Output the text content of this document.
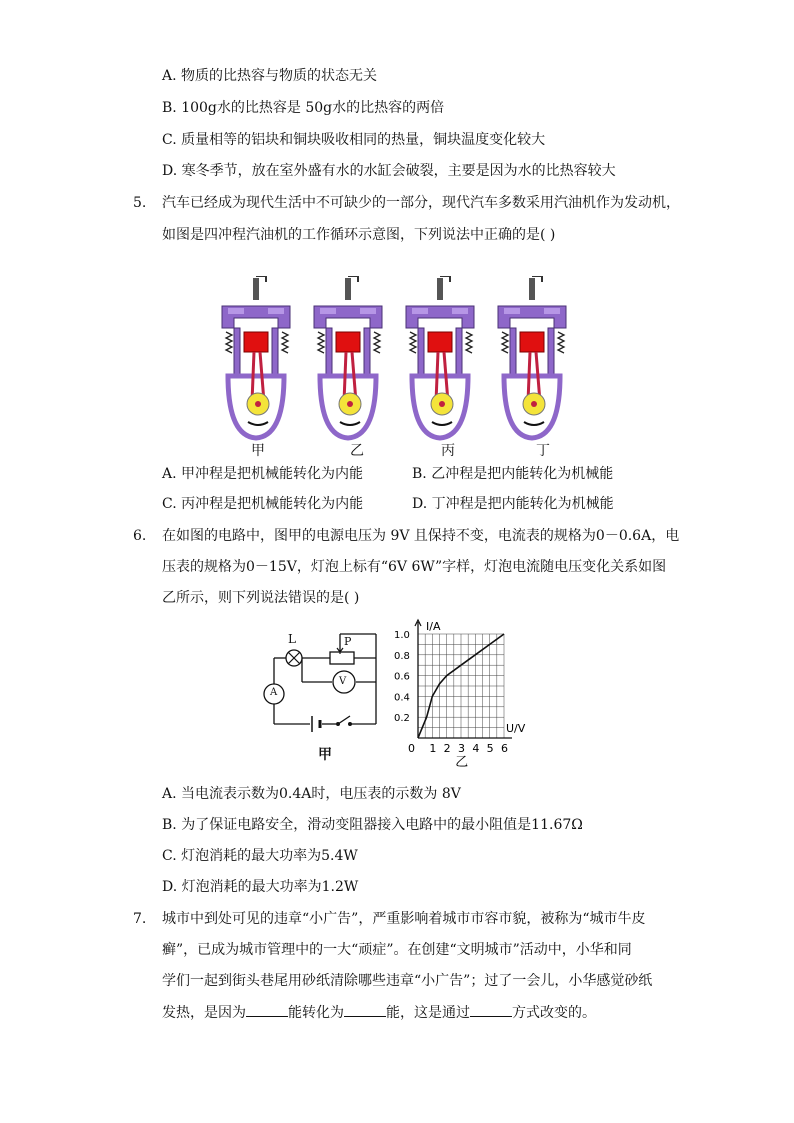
A. 物质的比热容与物质的状态无关
B. 100g水的比热容是 50g水的比热容的两倍
C. 质量相等的铝块和铜块吸收相同的热量，铜块温度变化较大
D. 寒冬季节，放在室外盛有水的水缸会破裂，主要是因为水的比热容较大
5. 汽车已经成为现代生活中不可缺少的一部分，现代汽车多数采用汽油机作为发动机，
如图是四冲程汽油机的工作循环示意图，下列说法中正确的是( )
甲	乙	丙	丁
A. 甲冲程是把机械能转化为内能	B. 乙冲程是把内能转化为机械能
C. 丙冲程是把机械能转化为内能	D. 丁冲程是把内能转化为机械能
6. 在如图的电路中，图甲的电源电压为 9V 且保持不变，电流表的规格为0－0.6A，电
压表的规格为0－15V，灯泡上标有“6V 6W”字样，灯泡电流随电压变化关系如图
乙所示，则下列说法错误的是( )
L	P
A
V
甲
I/A
U/V
0 1 2 3 4 5 6
0.2
0.4
0.6
0.8
1.0
乙
A. 当电流表示数为0.4A时，电压表的示数为 8V
B. 为了保证电路安全，滑动变阻器接入电路中的最小阻值是11.67Ω
C. 灯泡消耗的最大功率为5.4W
D. 灯泡消耗的最大功率为1.2W
7. 城市中到处可见的违章“小广告”，严重影响着城市市容市貌，被称为“城市牛皮
癣”，已成为城市管理中的一大“顽症”。在创建“文明城市”活动中，小华和同
学们一起到街头巷尾用砂纸清除哪些违章“小广告”；过了一会儿，小华感觉砂纸
发热，是因为	能转化为	能，这是通过	方式改变的。
